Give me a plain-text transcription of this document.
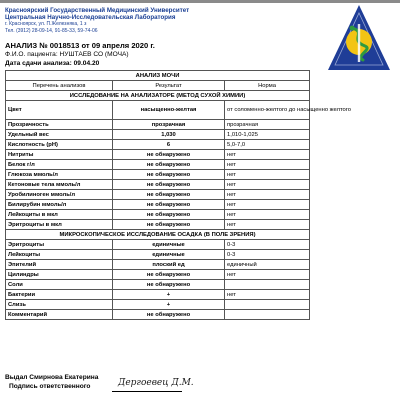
Красноярский Государственный Медицинский Университет
Центральная Научно-Исследовательская Лаборатория
г. Красноярск, ул. П.Железняка, 1 з
Тел. (3912) 28-09-14, 91-85-33, 59-74-06
АНАЛИЗ № 0018513 от 09 апреля 2020 г.
Ф.И.О. пациента: НУШТАЕВ СО (МОЧА)
Дата сдачи анализа: 09.04.20
АНАЛИЗ МОЧИ		
Перечень анализов	Результат	Норма
ИССЛЕДОВАНИЕ НА АНАЛИЗАТОРЕ (МЕТОД СУХОЙ ХИМИИ)		
Цвет	насыщенно-желтая	от соломенно-желтого до насыщенно желтого
Прозрачность	прозрачная	прозрачная
Удельный вес	1,030	1,010-1,025
Кислотность (pH)	6	5,0-7,0
Нитриты	не обнаружено	нет
Белок г/л	не обнаружено	нет
Глюкоза ммоль/л	не обнаружено	нет
Кетоновые тела ммоль/л	не обнаружено	нет
Уробилиноген ммоль/л	не обнаружено	нет
Билирубин ммоль/л	не обнаружено	нет
Лейкоциты в мкл	не обнаружено	нет
Эритроциты в мкл	не обнаружено	нет
МИКРОСКОПИЧЕСКОЕ ИССЛЕДОВАНИЕ ОСАДКА (В ПОЛЕ ЗРЕНИЯ)		
Эритроциты	единичные	0-3
Лейкоциты	единичные	0-3
Эпителий	плоский ед	единичный
Цилиндры	не обнаружено	нет
Соли	не обнаружено	
Бактерии	+	нет
Слизь	+	
Комментарий	не обнаружено	
Выдал Смирнова Екатерина
Подпись ответственного	Дергоевец Д.М.
